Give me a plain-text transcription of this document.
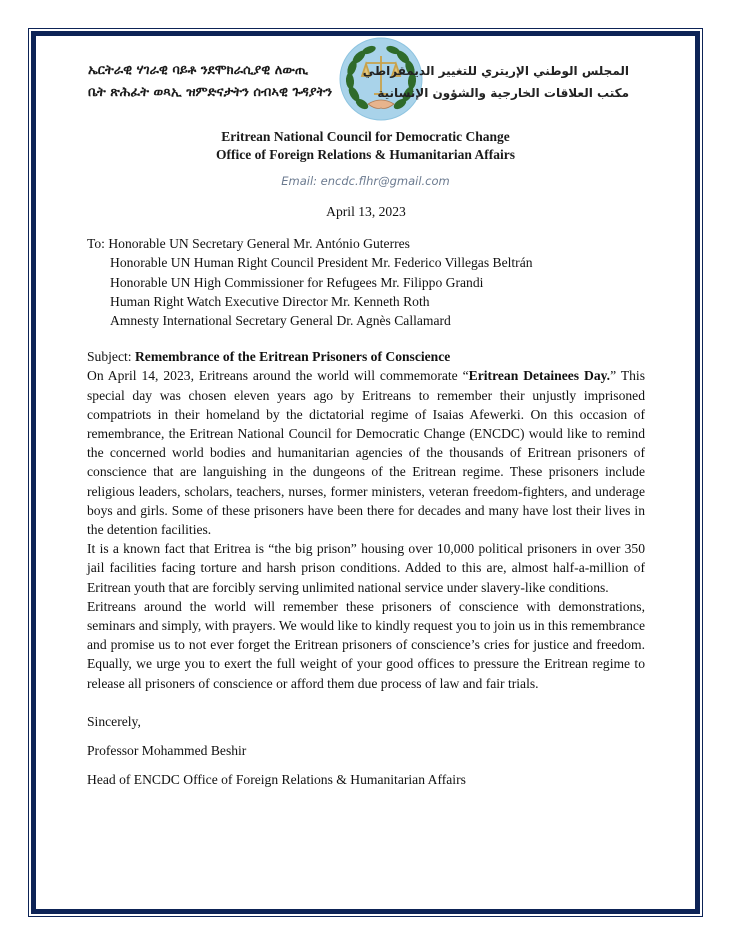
ኤርትራዊ ሃገራዊ ባይቶ ንደሞክራሲያዊ ለውጢ
ቤት ጽሕፈት ወጻኢ ዝምድናታትን ሰብኣዊ ጉዳያትን
المجلس الوطني الإريتري للتغيير الديمقراطي
مكتب العلاقات الخارجية والشؤون الإنسانية
Eritrean National Council for Democratic Change
Office of Foreign Relations & Humanitarian Affairs
Email: encdc.flhr@gmail.com
April 13, 2023
To: Honorable UN Secretary General Mr. António Guterres
Honorable UN Human Right Council President Mr. Federico Villegas Beltrán
Honorable UN High Commissioner for Refugees Mr. Filippo Grandi
Human Right Watch Executive Director Mr. Kenneth Roth
Amnesty International Secretary General Dr. Agnès Callamard
Subject: Remembrance of the Eritrean Prisoners of Conscience

On April 14, 2023, Eritreans around the world will commemorate “Eritrean Detainees Day.” This special day was chosen eleven years ago by Eritreans to remember their unjustly imprisoned compatriots in their homeland by the dictatorial regime of Isaias Afewerki. On this occasion of remembrance, the Eritrean National Council for Democratic Change (ENCDC) would like to remind the concerned world bodies and humanitarian agencies of the thousands of Eritrean prisoners of conscience that are languishing in the dungeons of the Eritrean regime. These prisoners include religious leaders, scholars, teachers, nurses, former ministers, veteran freedom-fighters, and underage boys and girls. Some of these prisoners have been there for decades and many have lost their lives in the detention facilities.

It is a known fact that Eritrea is “the big prison” housing over 10,000 political prisoners in over 350 jail facilities facing torture and harsh prison conditions. Added to this are, almost half-a-million of Eritrean youth that are forcibly serving unlimited national service under slavery-like conditions.

Eritreans around the world will remember these prisoners of conscience with demonstrations, seminars and simply, with prayers. We would like to kindly request you to join us in this remembrance and promise us to not ever forget the Eritrean prisoners of conscience’s cries for justice and freedom. Equally, we urge you to exert the full weight of your good offices to pressure the Eritrean regime to release all prisoners of conscience or afford them due process of law and fair trials.

Sincerely,
Professor Mohammed Beshir
Head of ENCDC Office of Foreign Relations & Humanitarian Affairs
